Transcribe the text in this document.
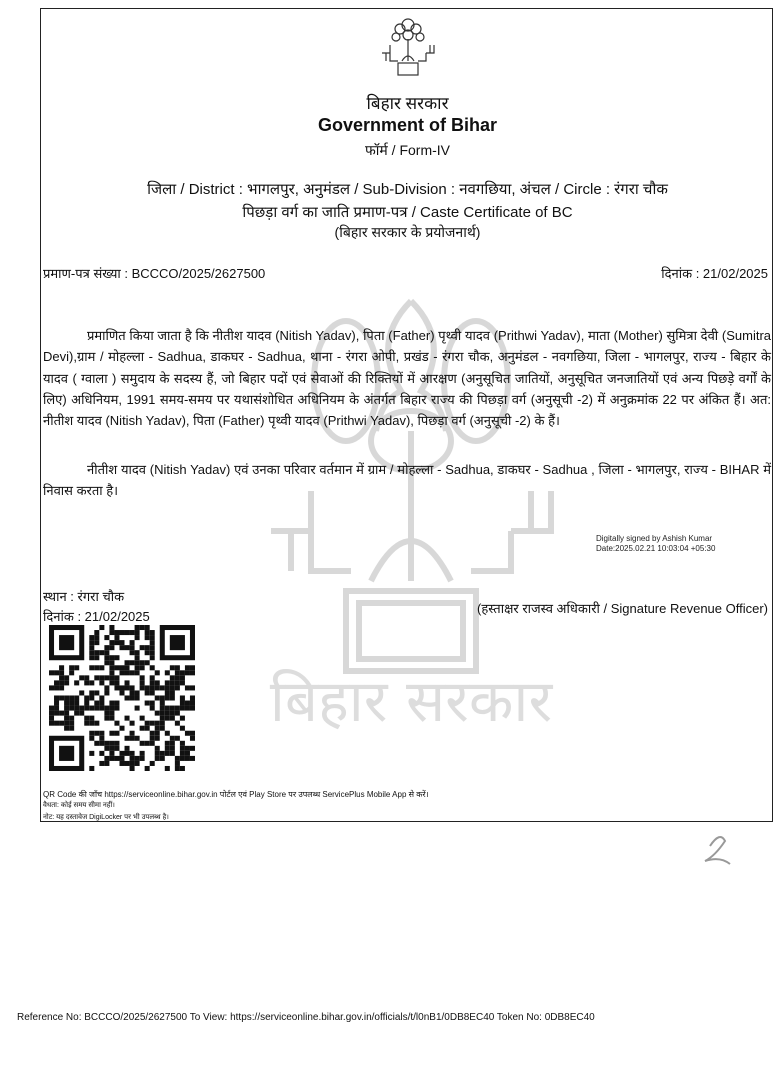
बिहार सरकार
बिहार सरकार
Government of Bihar
फॉर्म / Form-IV
जिला / District : भागलपुर, अनुमंडल / Sub-Division : नवगछिया, अंचल / Circle : रंगरा चौक
पिछड़ा वर्ग का जाति प्रमाण-पत्र / Caste Certificate of BC
(बिहार सरकार के प्रयोजनार्थ)
प्रमाण-पत्र संख्या : BCCCO/2025/2627500	दिनांक : 21/02/2025
प्रमाणित किया जाता है कि नीतीश यादव (Nitish Yadav), पिता (Father) पृथ्वी यादव (Prithwi Yadav), माता (Mother) सुमित्रा देवी (Sumitra Devi),ग्राम / मोहल्ला - Sadhua, डाकघर - Sadhua, थाना - रंगरा ओपी, प्रखंड - रंगरा चौक, अनुमंडल - नवगछिया, जिला - भागलपुर, राज्य - बिहार के यादव ( ग्वाला ) समुदाय के सदस्य हैं, जो बिहार पदों एवं सेवाओं की रिक्तियों में आरक्षण (अनुसूचित जातियों, अनुसूचित जनजातियों एवं अन्य पिछड़े वर्गों के लिए) अधिनियम, 1991 समय-समय पर यथासंशोधित अधिनियम के अंतर्गत बिहार राज्य की पिछड़ा वर्ग (अनुसूची -2) में अनुक्रमांक 22 पर अंकित हैं। अत: नीतीश यादव (Nitish Yadav), पिता (Father) पृथ्वी यादव (Prithwi Yadav), पिछड़ा वर्ग (अनुसूची -2) के हैं।
नीतीश यादव (Nitish Yadav) एवं उनका परिवार वर्तमान में ग्राम / मोहल्ला - Sadhua, डाकघर - Sadhua , जिला - भागलपुर, राज्य - BIHAR में निवास करता है।
Digitally signed by Ashish Kumar
Date:2025.02.21 10:03:04 +05:30
स्थान : रंगरा चौक
दिनांक : 21/02/2025
(हस्ताक्षर राजस्व अधिकारी / Signature Revenue Officer)
QR Code की जाँच https://serviceonline.bihar.gov.in पोर्टल एवं Play Store पर उपलब्ध ServicePlus Mobile App से करें।
वैधता: कोई समय सीमा नहीं।
नोट: यह दस्तावेज DigiLocker पर भी उपलब्ध है।
Reference No: BCCCO/2025/2627500 To View: https://serviceonline.bihar.gov.in/officials/t/l0nB1/0DB8EC40 Token No: 0DB8EC40
